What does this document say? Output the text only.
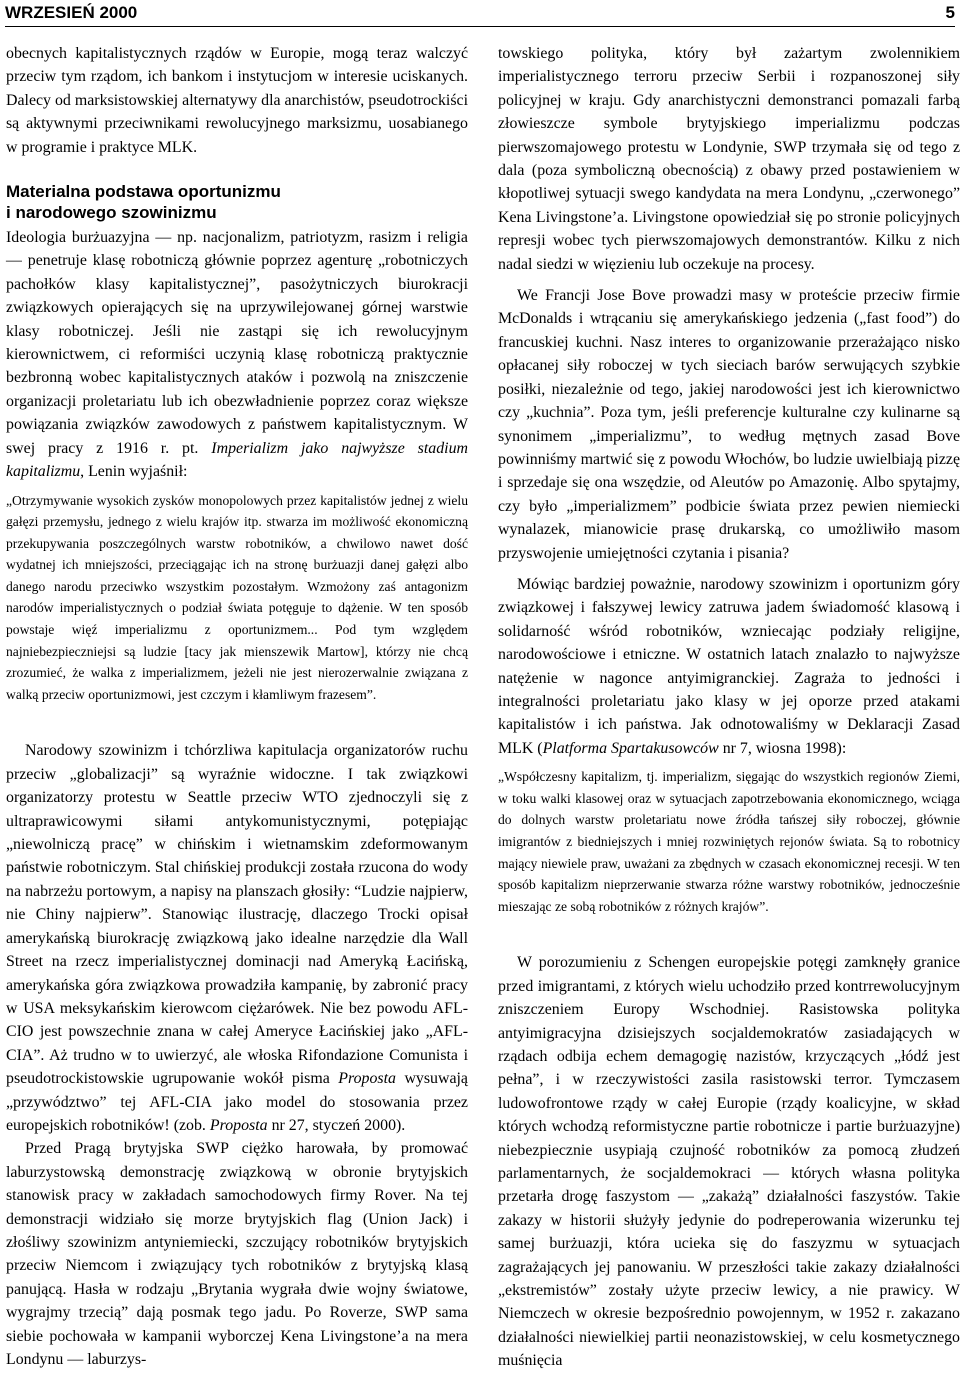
WRZESIEŃ 2000	5

obecnych kapitalistycznych rządów w Europie, mogą teraz walczyć przeciw tym rządom, ich bankom i instytucjom w interesie uciskanych. Dalecy od marksistowskiej alternatywy dla anarchistów, pseudotrockiści są aktywnymi przeciwnikami rewolucyjnego marksizmu, uosabianego w programie i praktyce MLK.

Materialna podstawa oportunizmu
i narodowego szowinizmu

Ideologia burżuazyjna — np. nacjonalizm, patriotyzm, rasizm i religia — penetruje klasę robotniczą głównie poprzez agenturę „robotniczych pachołków klasy kapitalistycznej”, pasożytniczych biurokracji związkowych opierających się na uprzywilejowanej górnej warstwie klasy robotniczej. Jeśli nie zastąpi się ich rewolucyjnym kierownictwem, ci reformiści uczynią klasę robotniczą praktycznie bezbronną wobec kapitalistycznych ataków i pozwolą na zniszczenie organizacji proletariatu lub ich obezwładnienie poprzez coraz większe powiązania związków zawodowych z państwem kapitalistycznym. W swej pracy z 1916 r. pt. Imperializm jako najwyższe stadium kapitalizmu, Lenin wyjaśnił:

„Otrzymywanie wysokich zysków monopolowych przez kapitalistów jednej z wielu gałęzi przemysłu, jednego z wielu krajów itp. stwarza im możliwość ekonomiczną przekupywania poszczególnych warstw robotników, a chwilowo nawet dość wydatnej ich mniejszości, przeciągając ich na stronę burżuazji danej gałęzi albo danego narodu przeciwko wszystkim pozostałym. Wzmożony zaś antagonizm narodów imperialistycznych o podział świata potęguje to dążenie. W ten sposób powstaje więź imperializmu z oportunizmem... Pod tym względem najniebezpieczniejsi są ludzie [tacy jak mienszewik Martow], którzy nie chcą zrozumieć, że walka z imperializmem, jeżeli nie jest nierozerwalnie związana z walką przeciw oportunizmowi, jest czczym i kłamliwym frazesem”.

Narodowy szowinizm i tchórzliwa kapitulacja organizatorów ruchu przeciw „globalizacji” są wyraźnie widoczne. I tak związkowi organizatorzy protestu w Seattle przeciw WTO zjednoczyli się z ultraprawicowymi siłami antykomunistycznymi, potępiając „niewolniczą pracę” w chińskim i wietnamskim zdeformowanym państwie robotniczym. Stal chińskiej produkcji została rzucona do wody na nabrzeżu portowym, a napisy na planszach głosiły: “Ludzie najpierw, nie Chiny najpierw”. Stanowiąc ilustrację, dlaczego Trocki opisał amerykańską biurokrację związkową jako idealne narzędzie dla Wall Street na rzecz imperialistycznej dominacji nad Ameryką Łacińską, amerykańska góra związkowa prowadziła kampanię, by zabronić pracy w USA meksykańskim kierowcom ciężarówek. Nie bez powodu AFL-CIO jest powszechnie znana w całej Ameryce Łacińskiej jako „AFL-CIA”. Aż trudno w to uwierzyć, ale włoska Rifondazione Comunista i pseudotrockistowskie ugrupowanie wokół pisma Proposta wysuwają „przywództwo” tej AFL-CIA jako model do stosowania przez europejskich robotników! (zob. Proposta nr 27, styczeń 2000).

Przed Pragą brytyjska SWP ciężko harowała, by promować laburzystowską demonstrację związkową w obronie brytyjskich stanowisk pracy w zakładach samochodowych firmy Rover. Na tej demonstracji widziało się morze brytyjskich flag (Union Jack) i złośliwy szowinizm antyniemiecki, szczujący robotników brytyjskich przeciw Niemcom i związujący tych robotników z brytyjską klasą panującą. Hasła w rodzaju „Brytania wygrała dwie wojny światowe, wygrajmy trzecią” dają posmak tego jadu. Po Roverze, SWP sama siebie pochowała w kampanii wyborczej Kena Livingstone’a na mera Londynu — laburzys-

towskiego polityka, który był zażartym zwolennikiem imperialistycznego terroru przeciw Serbii i rozpanoszonej siły policyjnej w kraju. Gdy anarchistyczni demonstranci pomazali farbą złowieszcze symbole brytyjskiego imperializmu podczas pierwszomajowego protestu w Londynie, SWP trzymała się od tego z dala (poza symboliczną obecnością) z obawy przed postawieniem w kłopotliwej sytuacji swego kandydata na mera Londynu, „czerwonego” Kena Livingstone’a. Livingstone opowiedział się po stronie policyjnych represji wobec tych pierwszomajowych demonstrantów. Kilku z nich nadal siedzi w więzieniu lub oczekuje na procesy.

We Francji Jose Bove prowadzi masy w proteście przeciw firmie McDonalds i wtrącaniu się amerykańskiego jedzenia („fast food”) do francuskiej kuchni. Nasz interes to organizowanie przerażająco nisko opłacanej siły roboczej w tych sieciach barów serwujących szybkie posiłki, niezależnie od tego, jakiej narodowości jest ich kierownictwo czy „kuchnia”. Poza tym, jeśli preferencje kulturalne czy kulinarne są synonimem „imperializmu”, to według mętnych zasad Bove powinniśmy martwić się z powodu Włochów, bo ludzie uwielbiają pizzę i sprzedaje się ona wszędzie, od Aleutów po Amazonię. Albo spytajmy, czy było „imperializmem” podbicie świata przez pewien niemiecki wynalazek, mianowicie prasę drukarską, co umożliwiło masom przyswojenie umiejętności czytania i pisania?

Mówiąc bardziej poważnie, narodowy szowinizm i oportunizm góry związkowej i fałszywej lewicy zatruwa jadem świadomość klasową i solidarność wśród robotników, wzniecając podziały religijne, narodowościowe i etniczne. W ostatnich latach znalazło to najwyższe natężenie w nagonce antyimigranckiej. Zagraża to jedności i integralności proletariatu jako klasy w jej oporze przed atakami kapitalistów i ich państwa. Jak odnotowaliśmy w Deklaracji Zasad MLK (Platforma Spartakusowców nr 7, wiosna 1998):

„Współczesny kapitalizm, tj. imperializm, sięgając do wszystkich regionów Ziemi, w toku walki klasowej oraz w sytuacjach zapotrzebowania ekonomicznego, wciąga do dolnych warstw proletariatu nowe źródła tańszej siły roboczej, głównie imigrantów z biedniejszych i mniej rozwiniętych rejonów świata. Są to robotnicy mający niewiele praw, uważani za zbędnych w czasach ekonomicznej recesji. W ten sposób kapitalizm nieprzerwanie stwarza różne warstwy robotników, jednocześnie mieszając ze sobą robotników z różnych krajów”.

W porozumieniu z Schengen europejskie potęgi zamknęły granice przed imigrantami, z których wielu uchodziło przed kontrrewolucyjnym zniszczeniem Europy Wschodniej. Rasistowska polityka antyimigracyjna dzisiejszych socjaldemokratów zasiadających w rządach odbija echem demagogię nazistów, krzyczących „łódź jest pełna”, i w rzeczywistości zasila rasistowski terror. Tymczasem ludowofrontowe rządy w całej Europie (rządy koalicyjne, w skład których wchodzą reformistyczne partie robotnicze i partie burżuazyjne) niebezpiecznie usypiają czujność robotników za pomocą złudzeń parlamentarnych, że socjaldemokraci — których własna polityka przetarła drogę faszystom — „zakażą” działalności faszystów. Takie zakazy w historii służyły jedynie do podreperowania wizerunku tej samej burżuazji, która ucieka się do faszyzmu w sytuacjach zagrażających jej panowaniu. W przeszłości takie zakazy działalności „ekstremistów” zostały użyte przeciw lewicy, a nie prawicy. W Niemczech w okresie bezpośrednio powojennym, w 1952 r. zakazano działalności niewielkiej partii neonazistowskiej, w celu kosmetycznego muśnięcia
